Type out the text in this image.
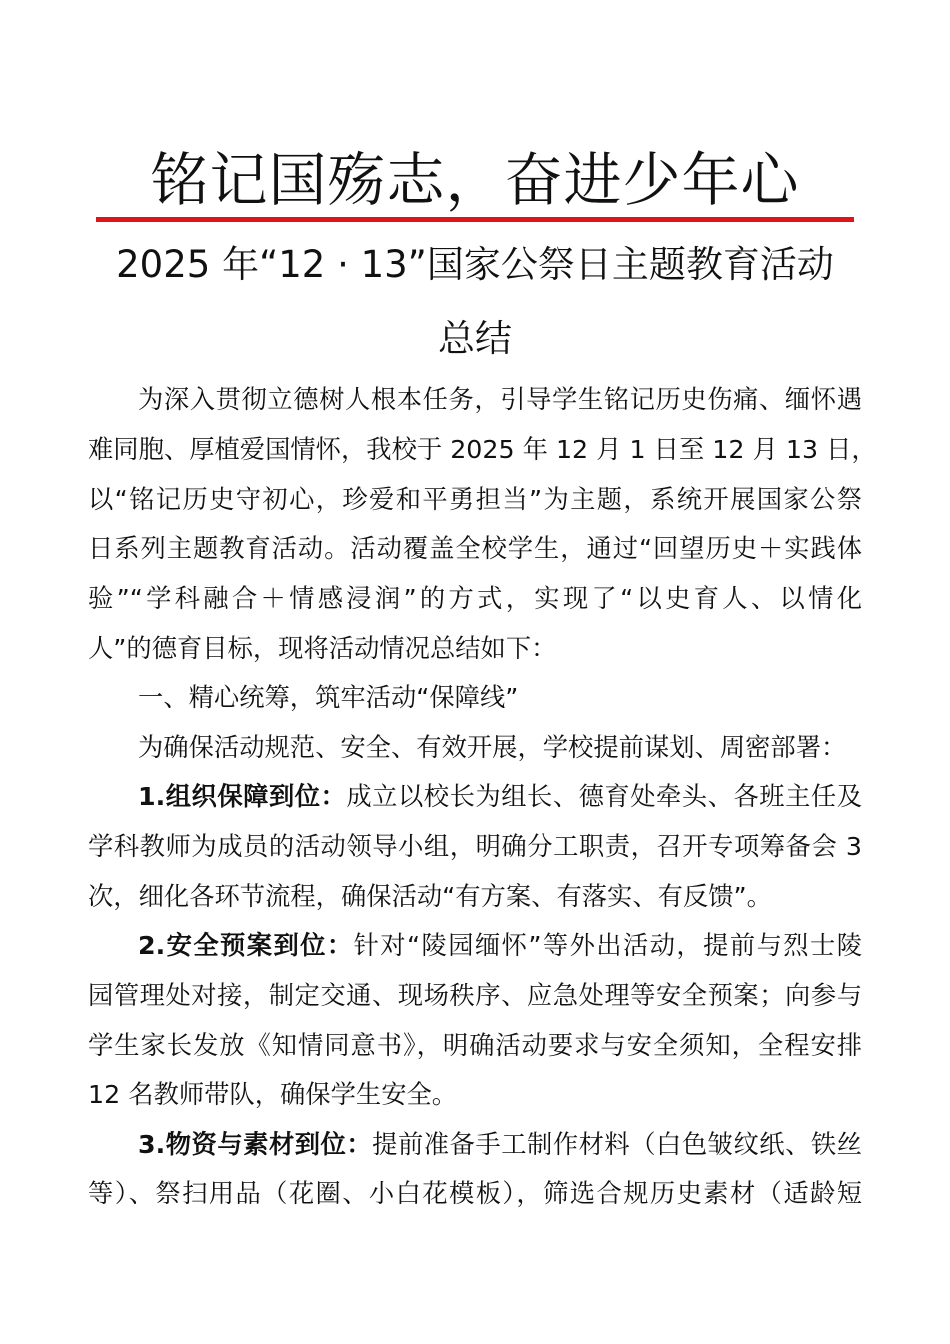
铭记国殇志，奋进少年心
2025 年“12 · 13”国家公祭日主题教育活动
总结
为深入贯彻立德树人根本任务，引导学生铭记历史伤痛、缅怀遇
难同胞、厚植爱国情怀，我校于 2025 年 12 月 1 日至 12 月 13 日，
以“铭记历史守初心，珍爱和平勇担当”为主题，系统开展国家公祭
日系列主题教育活动。活动覆盖全校学生，通过“回望历史＋实践体
验”“学科融合＋情感浸润”的方式，实现了“以史育人、以情化
人”的德育目标，现将活动情况总结如下：
一、精心统筹，筑牢活动“保障线”
为确保活动规范、安全、有效开展，学校提前谋划、周密部署：
1.组织保障到位：成立以校长为组长、德育处牵头、各班主任及
学科教师为成员的活动领导小组，明确分工职责，召开专项筹备会 3
次，细化各环节流程，确保活动“有方案、有落实、有反馈”。
2.安全预案到位：针对“陵园缅怀”等外出活动，提前与烈士陵
园管理处对接，制定交通、现场秩序、应急处理等安全预案；向参与
学生家长发放《知情同意书》，明确活动要求与安全须知，全程安排
12 名教师带队，确保学生安全。
3.物资与素材到位：提前准备手工制作材料（白色皱纹纸、铁丝
等）、祭扫用品（花圈、小白花模板），筛选合规历史素材（适龄短
